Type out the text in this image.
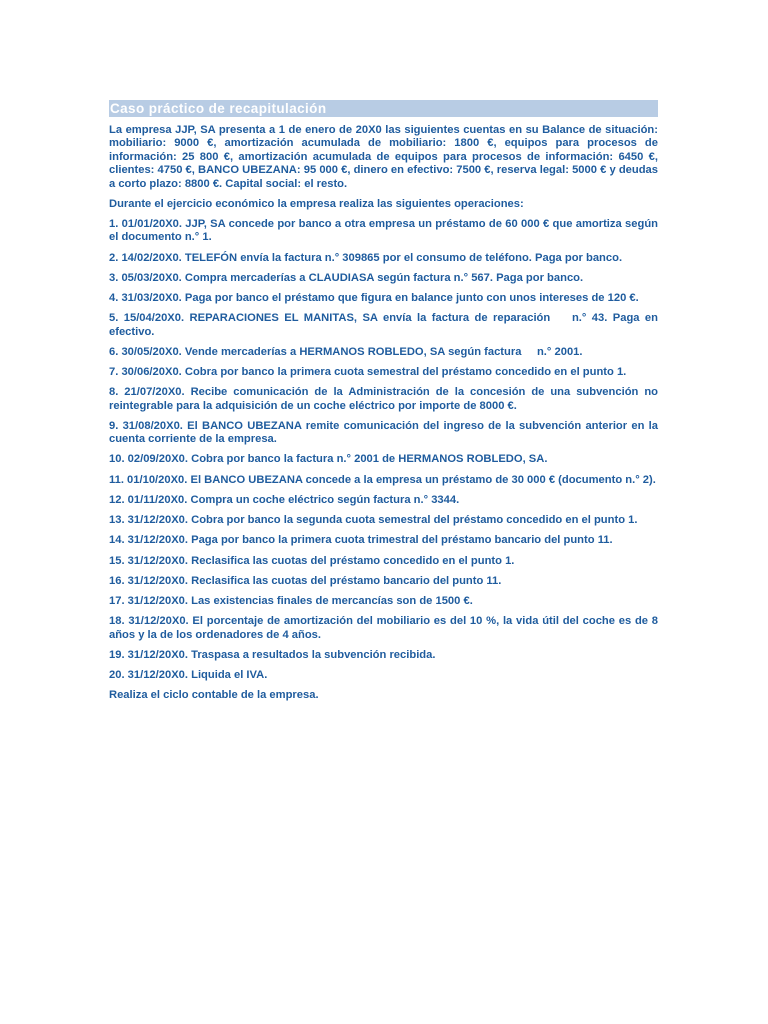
Caso práctico de recapitulación

La empresa JJP, SA presenta a 1 de enero de 20X0 las siguientes cuentas en su Balance de situación: mobiliario: 9000 €, amortización acumulada de mobiliario: 1800 €, equipos para procesos de información: 25 800 €, amortización acumulada de equipos para procesos de información: 6450 €, clientes: 4750 €, BANCO UBEZANA: 95 000 €, dinero en efectivo: 7500 €, reserva legal: 5000 € y deudas a corto plazo: 8800 €. Capital social: el resto.

Durante el ejercicio económico la empresa realiza las siguientes operaciones:

1. 01/01/20X0. JJP, SA concede por banco a otra empresa un préstamo de 60 000 € que amortiza según el documento n.° 1.

2. 14/02/20X0. TELEFÓN envía la factura n.° 309865 por el consumo de teléfono. Paga por banco.

3. 05/03/20X0. Compra mercaderías a CLAUDIASA según factura n.° 567. Paga por banco.

4. 31/03/20X0. Paga por banco el préstamo que figura en balance junto con unos intereses de 120 €.

5. 15/04/20X0. REPARACIONES EL MANITAS, SA envía la factura de reparación    n.° 43. Paga en efectivo.

6. 30/05/20X0. Vende mercaderías a HERMANOS ROBLEDO, SA según factura     n.° 2001.

7. 30/06/20X0. Cobra por banco la primera cuota semestral del préstamo concedido en el punto 1.

8. 21/07/20X0. Recibe comunicación de la Administración de la concesión de una subvención no reintegrable para la adquisición de un coche eléctrico por importe de 8000 €.

9. 31/08/20X0. El BANCO UBEZANA remite comunicación del ingreso de la subvención anterior en la cuenta corriente de la empresa.

10. 02/09/20X0. Cobra por banco la factura n.° 2001 de HERMANOS ROBLEDO, SA.

11. 01/10/20X0. El BANCO UBEZANA concede a la empresa un préstamo de 30 000 € (documento n.° 2).

12. 01/11/20X0. Compra un coche eléctrico según factura n.° 3344.

13. 31/12/20X0. Cobra por banco la segunda cuota semestral del préstamo concedido en el punto 1.

14. 31/12/20X0. Paga por banco la primera cuota trimestral del préstamo bancario del punto 11.

15. 31/12/20X0. Reclasifica las cuotas del préstamo concedido en el punto 1.

16. 31/12/20X0. Reclasifica las cuotas del préstamo bancario del punto 11.

17. 31/12/20X0. Las existencias finales de mercancías son de 1500 €.

18. 31/12/20X0. El porcentaje de amortización del mobiliario es del 10 %, la vida útil del coche es de 8 años y la de los ordenadores de 4 años.

19. 31/12/20X0. Traspasa a resultados la subvención recibida.

20. 31/12/20X0. Liquida el IVA.

Realiza el ciclo contable de la empresa.
